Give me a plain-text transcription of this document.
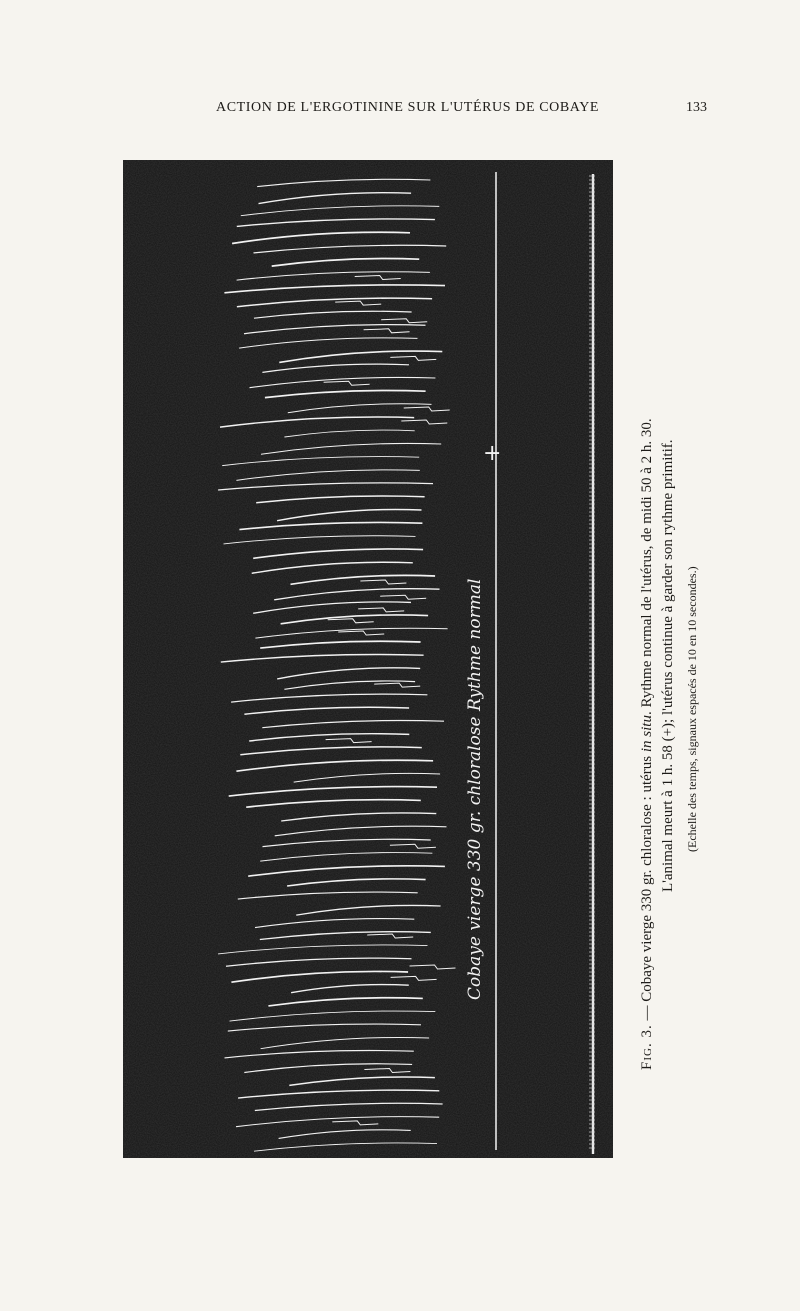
ACTION DE L'ERGOTININE SUR L'UTÉRUS DE COBAYE	133
+
Cobaye vierge 330 gr. chloralose Rythme normal
Fig. 3. — Cobaye vierge 330 gr. chloralose : utérus in situ. Rythme normal de l'utérus, de midi 50 à 2 h. 30. L'animal meurt à 1 h. 58 (+); l'utérus continue à garder son rythme primitif. (Echelle des temps, signaux espacés de 10 en 10 secondes.)
